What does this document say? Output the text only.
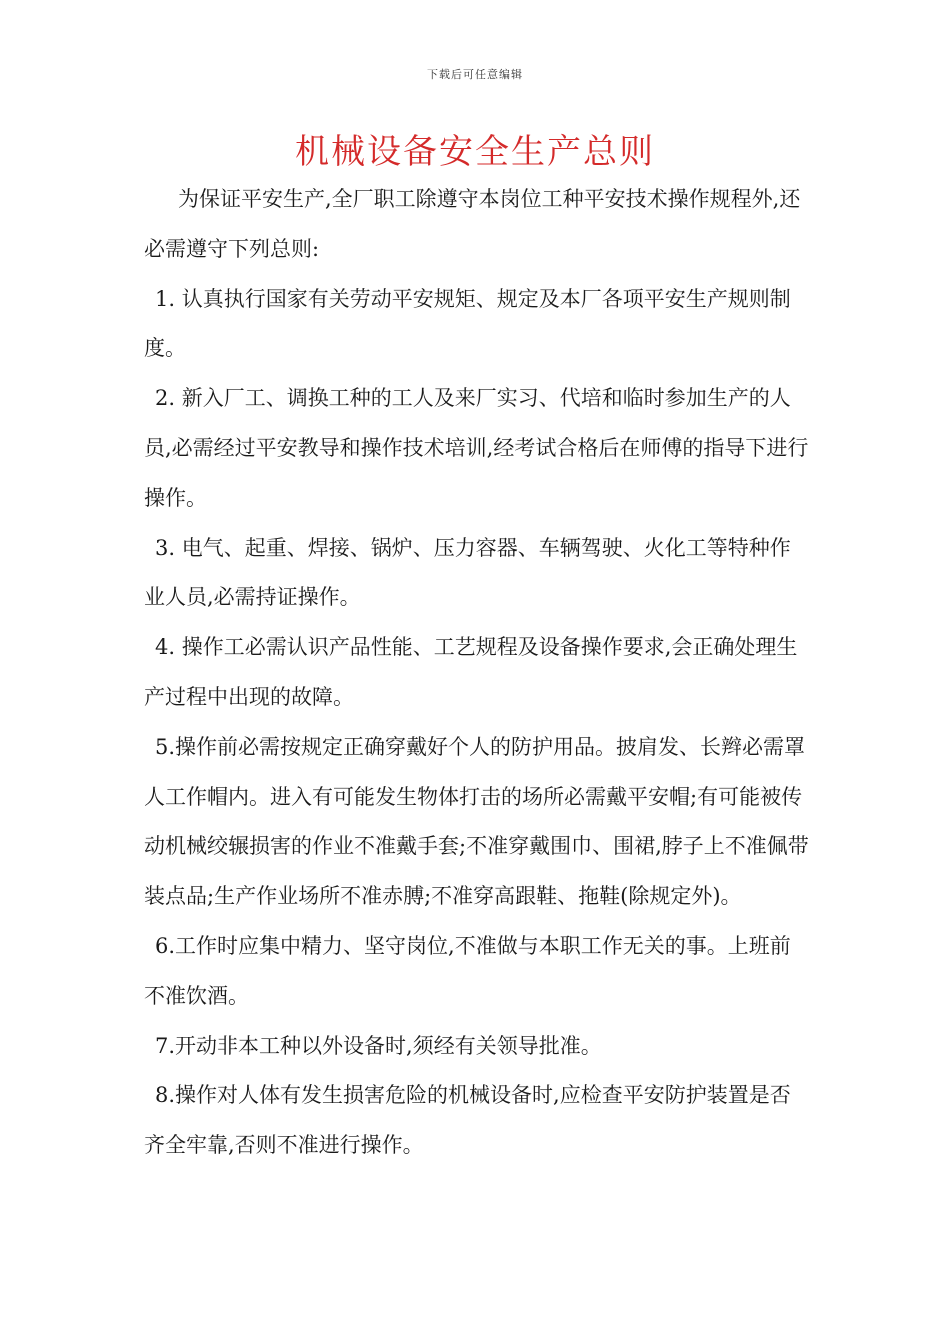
下载后可任意编辑
机械设备安全生产总则

为保证平安生产,全厂职工除遵守本岗位工种平安技术操作规程外,还必需遵守下列总则:

1. 认真执行国家有关劳动平安规矩、规定及本厂各项平安生产规则制度。

2. 新入厂工、调换工种的工人及来厂实习、代培和临时参加生产的人员,必需经过平安教导和操作技术培训,经考试合格后在师傅的指导下进行操作。

3. 电气、起重、焊接、锅炉、压力容器、车辆驾驶、火化工等特种作业人员,必需持证操作。

4. 操作工必需认识产品性能、工艺规程及设备操作要求,会正确处理生产过程中出现的故障。

5.操作前必需按规定正确穿戴好个人的防护用品。披肩发、长辫必需罩人工作帽内。进入有可能发生物体打击的场所必需戴平安帽;有可能被传动机械绞辗损害的作业不准戴手套;不准穿戴围巾、围裙,脖子上不准佩带装点品;生产作业场所不准赤膊;不准穿高跟鞋、拖鞋(除规定外)。

6.工作时应集中精力、坚守岗位,不准做与本职工作无关的事。上班前不准饮酒。

7.开动非本工种以外设备时,须经有关领导批准。

8.操作对人体有发生损害危险的机械设备时,应检查平安防护装置是否齐全牢靠,否则不准进行操作。
